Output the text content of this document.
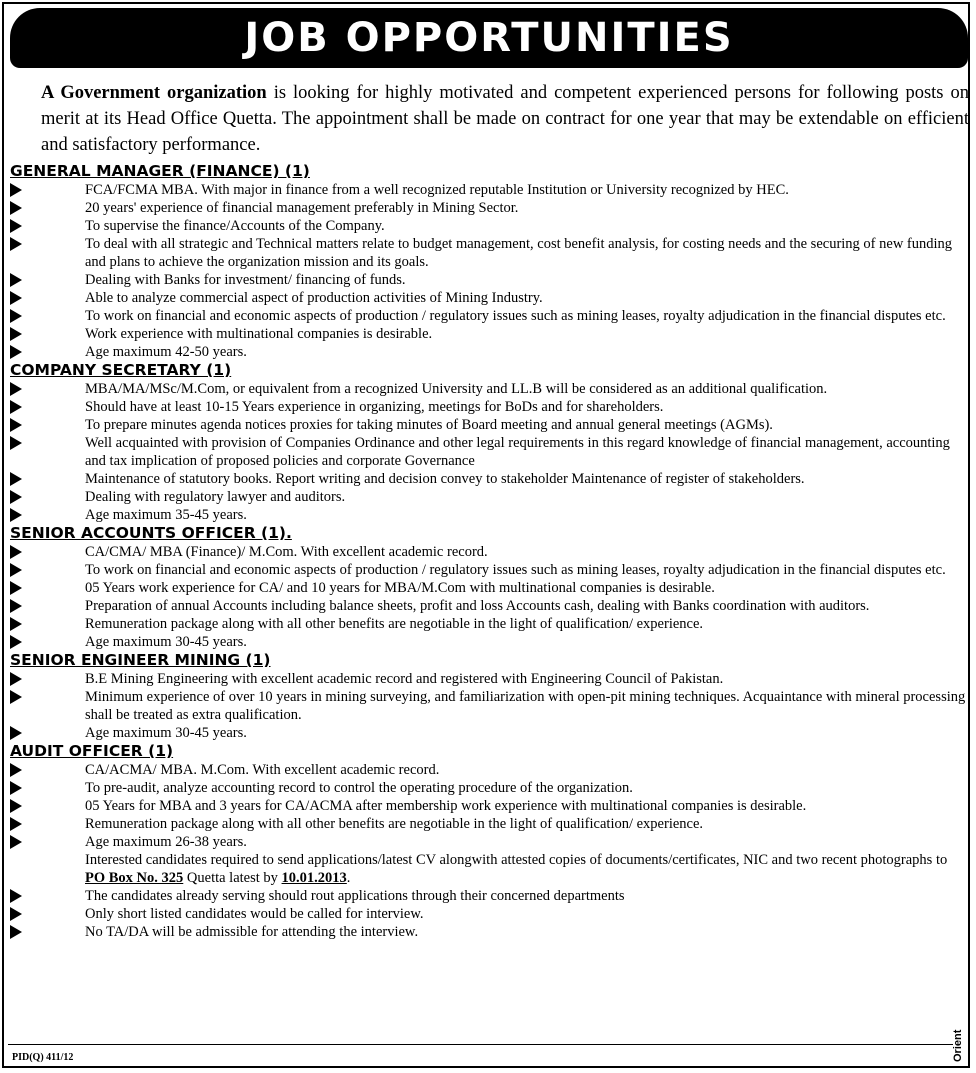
JOB OPPORTUNITIES
A Government organization is looking for highly motivated and competent experienced persons for following posts on merit at its Head Office Quetta. The appointment shall be made on contract for one year that may be extendable on efficient and satisfactory performance.
GENERAL MANAGER (FINANCE) (1)
FCA/FCMA MBA. With major in finance from a well recognized reputable Institution or University recognized by HEC.
20 years' experience of financial management preferably in Mining Sector.
To supervise the finance/Accounts of the Company.
To deal with all strategic and Technical matters relate to budget management, cost benefit analysis, for costing needs and the securing of new funding and plans to achieve the organization mission and its goals.
Dealing with Banks for investment/ financing of funds.
Able to analyze commercial aspect of production activities of Mining Industry.
To work on financial and economic aspects of production / regulatory issues such as mining leases, royalty adjudication in the financial disputes etc.
Work experience with multinational companies is desirable.
Age maximum 42-50 years.
COMPANY SECRETARY (1)
MBA/MA/MSc/M.Com, or equivalent from a recognized University and LL.B will be considered as an additional qualification.
Should have at least 10-15 Years experience in organizing, meetings for BoDs and for shareholders.
To prepare minutes agenda notices proxies for taking minutes of Board meeting and annual general meetings (AGMs).
Well acquainted with provision of Companies Ordinance and other legal requirements in this regard knowledge of financial management, accounting and tax implication of proposed policies and corporate Governance
Maintenance of statutory books. Report writing and decision convey to stakeholder Maintenance of register of stakeholders.
Dealing with regulatory lawyer and auditors.
Age maximum 35-45 years.
SENIOR ACCOUNTS OFFICER (1).
CA/CMA/ MBA (Finance)/ M.Com. With excellent academic record.
To work on financial and economic aspects of production / regulatory issues such as mining leases, royalty adjudication in the financial disputes etc.
05 Years work experience for CA/ and 10 years for MBA/M.Com with multinational companies is desirable.
Preparation of annual Accounts including balance sheets, profit and loss Accounts cash, dealing with Banks coordination with auditors.
Remuneration package along with all other benefits are negotiable in the light of qualification/ experience.
Age maximum 30-45 years.
SENIOR ENGINEER MINING (1)
B.E Mining Engineering with excellent academic record and registered with Engineering Council of Pakistan.
Minimum experience of over 10 years in mining surveying, and familiarization with open-pit mining techniques. Acquaintance with mineral processing shall be treated as extra qualification.
Age maximum 30-45 years.
AUDIT OFFICER (1)
CA/ACMA/ MBA. M.Com. With excellent academic record.
To pre-audit, analyze accounting record to control the operating procedure of the organization.
05 Years for MBA and 3 years for CA/ACMA after membership work experience with multinational companies is desirable.
Remuneration package along with all other benefits are negotiable in the light of qualification/ experience.
Age maximum 26-38 years.
Interested candidates required to send applications/latest CV alongwith attested copies of documents/certificates, NIC and two recent photographs to PO Box No. 325 Quetta latest by 10.01.2013.
The candidates already serving should rout applications through their concerned departments
Only short listed candidates would be called for interview.
No TA/DA will be admissible for attending the interview.
PID(Q) 411/12	Orient
